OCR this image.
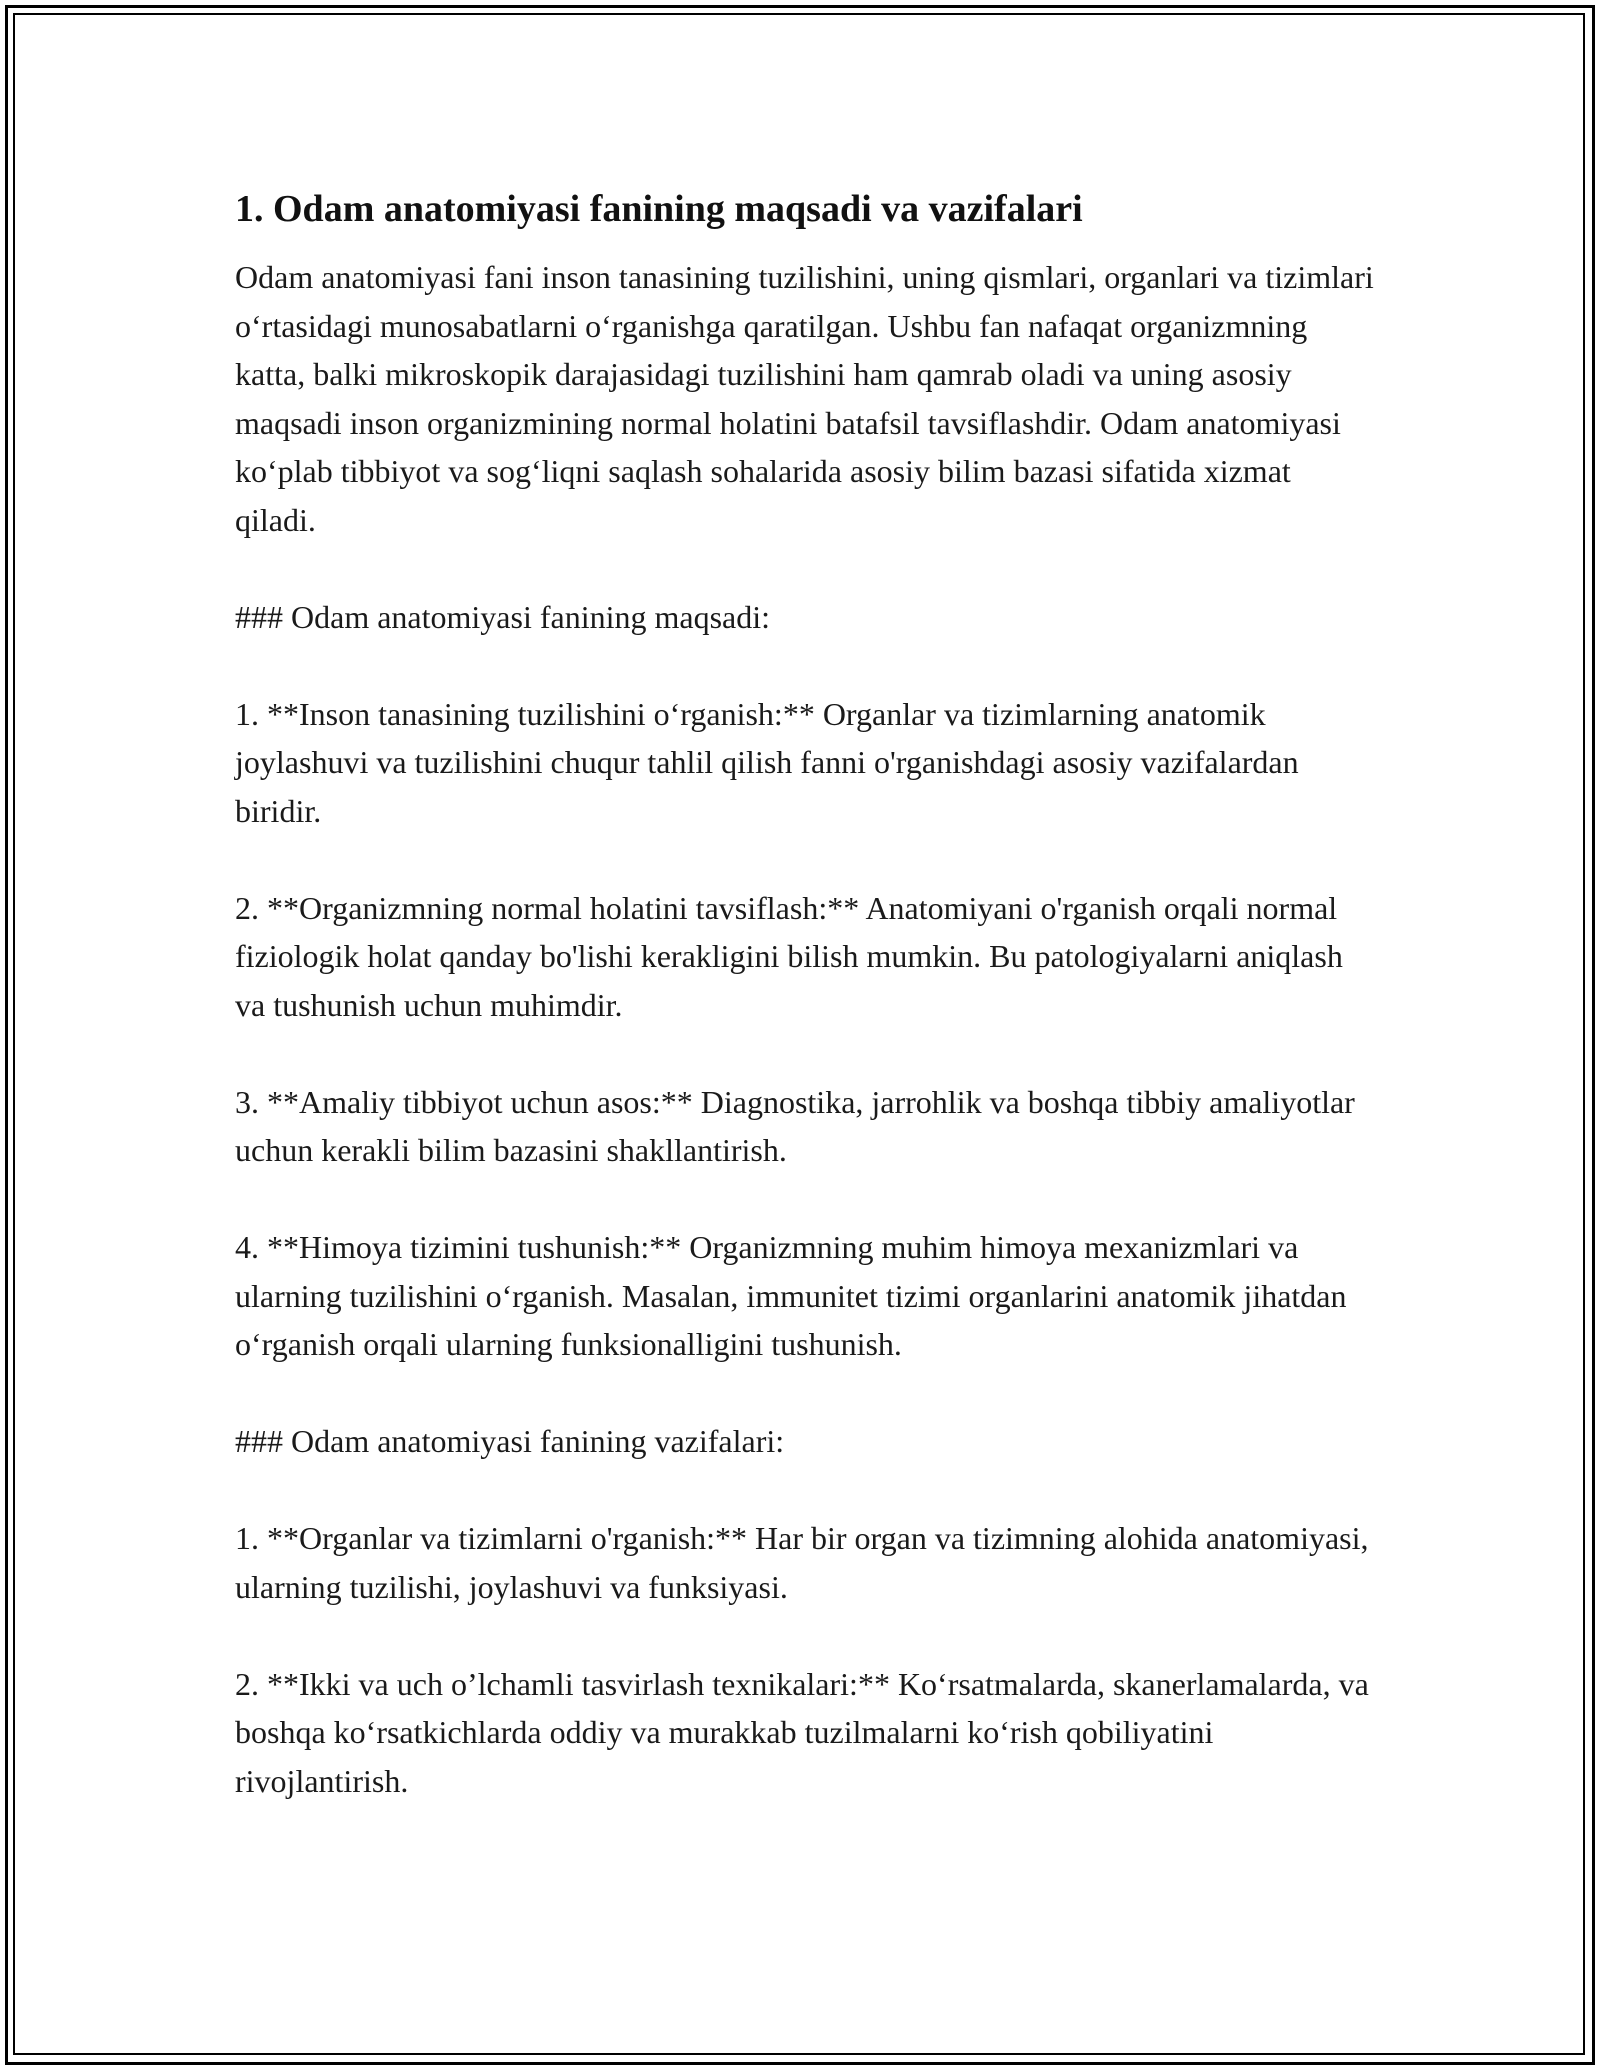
1. Odam anatomiyasi fanining maqsadi va vazifalari

Odam anatomiyasi fani inson tanasining tuzilishini, uning qismlari, organlari va tizimlari o‘rtasidagi munosabatlarni o‘rganishga qaratilgan. Ushbu fan nafaqat organizmning katta, balki mikroskopik darajasidagi tuzilishini ham qamrab oladi va uning asosiy maqsadi inson organizmining normal holatini batafsil tavsiflashdir. Odam anatomiyasi ko‘plab tibbiyot va sog‘liqni saqlash sohalarida asosiy bilim bazasi sifatida xizmat qiladi.

### Odam anatomiyasi fanining maqsadi:

1. **Inson tanasining tuzilishini o‘rganish:** Organlar va tizimlarning anatomik joylashuvi va tuzilishini chuqur tahlil qilish fanni o'rganishdagi asosiy vazifalardan biridir.

2. **Organizmning normal holatini tavsiflash:** Anatomiyani o'rganish orqali normal fiziologik holat qanday bo'lishi kerakligini bilish mumkin. Bu patologiyalarni aniqlash va tushunish uchun muhimdir.

3. **Amaliy tibbiyot uchun asos:** Diagnostika, jarrohlik va boshqa tibbiy amaliyotlar uchun kerakli bilim bazasini shakllantirish.

4. **Himoya tizimini tushunish:** Organizmning muhim himoya mexanizmlari va ularning tuzilishini o‘rganish. Masalan, immunitet tizimi organlarini anatomik jihatdan o‘rganish orqali ularning funksionalligini tushunish.

### Odam anatomiyasi fanining vazifalari:

1. **Organlar va tizimlarni o'rganish:** Har bir organ va tizimning alohida anatomiyasi, ularning tuzilishi, joylashuvi va funksiyasi.

2. **Ikki va uch o’lchamli tasvirlash texnikalari:** Ko‘rsatmalarda, skanerlamalarda, va boshqa ko‘rsatkichlarda oddiy va murakkab tuzilmalarni ko‘rish qobiliyatini rivojlantirish.
